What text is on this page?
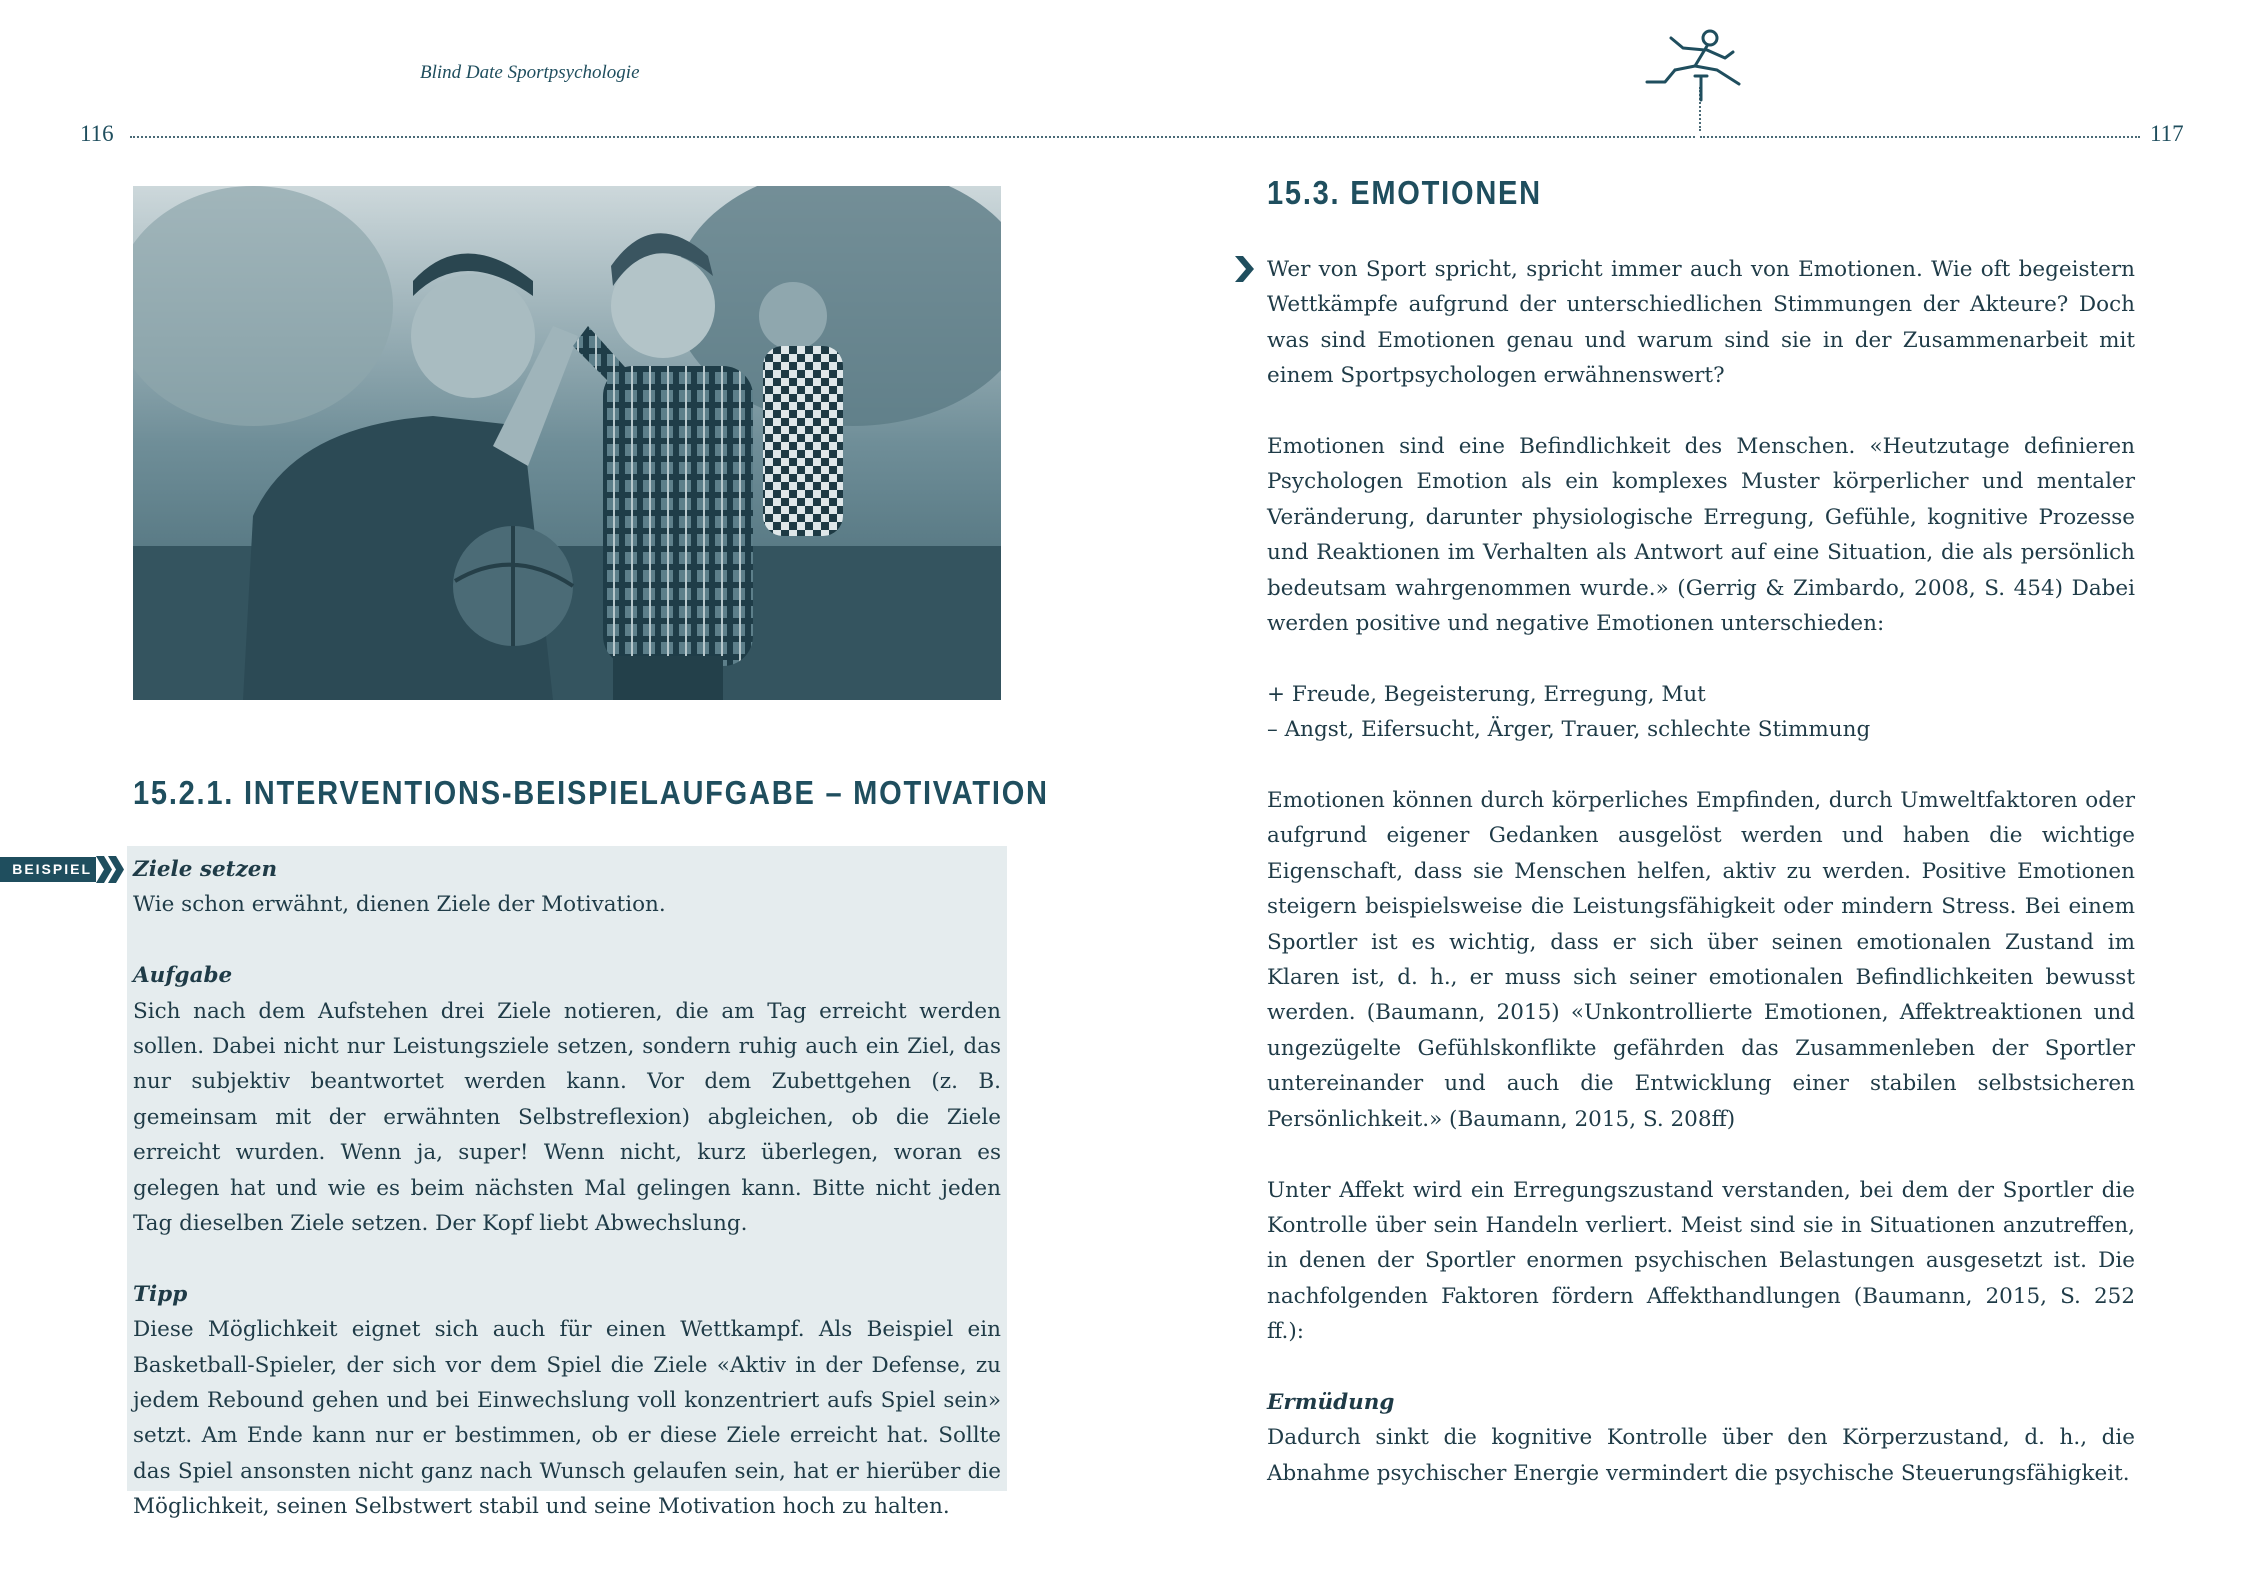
Blind Date Sportpsychologie
116	117
15.2.1. INTERVENTIONS-BEISPIELAUFGABE – MOTIVATION
BEISPIEL Ziele setzen

Wie schon erwähnt, dienen Ziele der Motivation.

Aufgabe

Sich nach dem Aufstehen drei Ziele notieren, die am Tag erreicht werden sollen. Dabei nicht nur Leistungsziele setzen, sondern ruhig auch ein Ziel, das nur subjektiv beantwortet werden kann. Vor dem Zubettgehen (z. B. gemeinsam mit der erwähnten Selbstreflexion) abgleichen, ob die Ziele erreicht wurden. Wenn ja, super! Wenn nicht, kurz überlegen, woran es gelegen hat und wie es beim nächsten Mal gelingen kann. Bitte nicht jeden Tag dieselben Ziele setzen. Der Kopf liebt Abwechslung.

Tipp

Diese Möglichkeit eignet sich auch für einen Wettkampf. Als Beispiel ein Basketball-Spieler, der sich vor dem Spiel die Ziele «Aktiv in der Defense, zu jedem Rebound gehen und bei Einwechslung voll konzentriert aufs Spiel sein» setzt. Am Ende kann nur er bestimmen, ob er diese Ziele erreicht hat. Sollte das Spiel ansonsten nicht ganz nach Wunsch gelaufen sein, hat er hierüber die Möglichkeit, seinen Selbstwert stabil und seine Motivation hoch zu halten.

15.3. EMOTIONEN

Wer von Sport spricht, spricht immer auch von Emotionen. Wie oft begeistern Wettkämpfe aufgrund der unterschiedlichen Stimmungen der Akteure? Doch was sind Emotionen genau und warum sind sie in der Zusammenarbeit mit einem Sportpsychologen erwähnenswert?

Emotionen sind eine Befindlichkeit des Menschen. «Heutzutage definieren Psychologen Emotion als ein komplexes Muster körperlicher und mentaler Veränderung, darunter physiologische Erregung, Gefühle, kognitive Prozesse und Reaktionen im Verhalten als Antwort auf eine Situation, die als persönlich bedeutsam wahrgenommen wurde.» (Gerrig & Zimbardo, 2008, S. 454) Dabei werden positive und negative Emotionen unterschieden:

+ Freude, Begeisterung, Erregung, Mut

– Angst, Eifersucht, Ärger, Trauer, schlechte Stimmung

Emotionen können durch körperliches Empfinden, durch Umweltfaktoren oder aufgrund eigener Gedanken ausgelöst werden und haben die wichtige Eigenschaft, dass sie Menschen helfen, aktiv zu werden. Positive Emotionen steigern beispielsweise die Leistungsfähigkeit oder mindern Stress. Bei einem Sportler ist es wichtig, dass er sich über seinen emotionalen Zustand im Klaren ist, d. h., er muss sich seiner emotionalen Befindlichkeiten bewusst werden. (Baumann, 2015) «Unkontrollierte Emotionen, Affektreaktionen und ungezügelte Gefühlskonflikte gefährden das Zusammenleben der Sportler untereinander und auch die Entwicklung einer stabilen selbstsicheren Persönlichkeit.» (Baumann, 2015, S. 208ff)

Unter Affekt wird ein Erregungszustand verstanden, bei dem der Sportler die Kontrolle über sein Handeln verliert. Meist sind sie in Situationen anzutreffen, in denen der Sportler enormen psychischen Belastungen ausgesetzt ist. Die nachfolgenden Faktoren fördern Affekthandlungen (Baumann, 2015, S. 252 ff.):

Ermüdung

Dadurch sinkt die kognitive Kontrolle über den Körperzustand, d. h., die Abnahme psychischer Energie vermindert die psychische Steuerungsfähigkeit.
